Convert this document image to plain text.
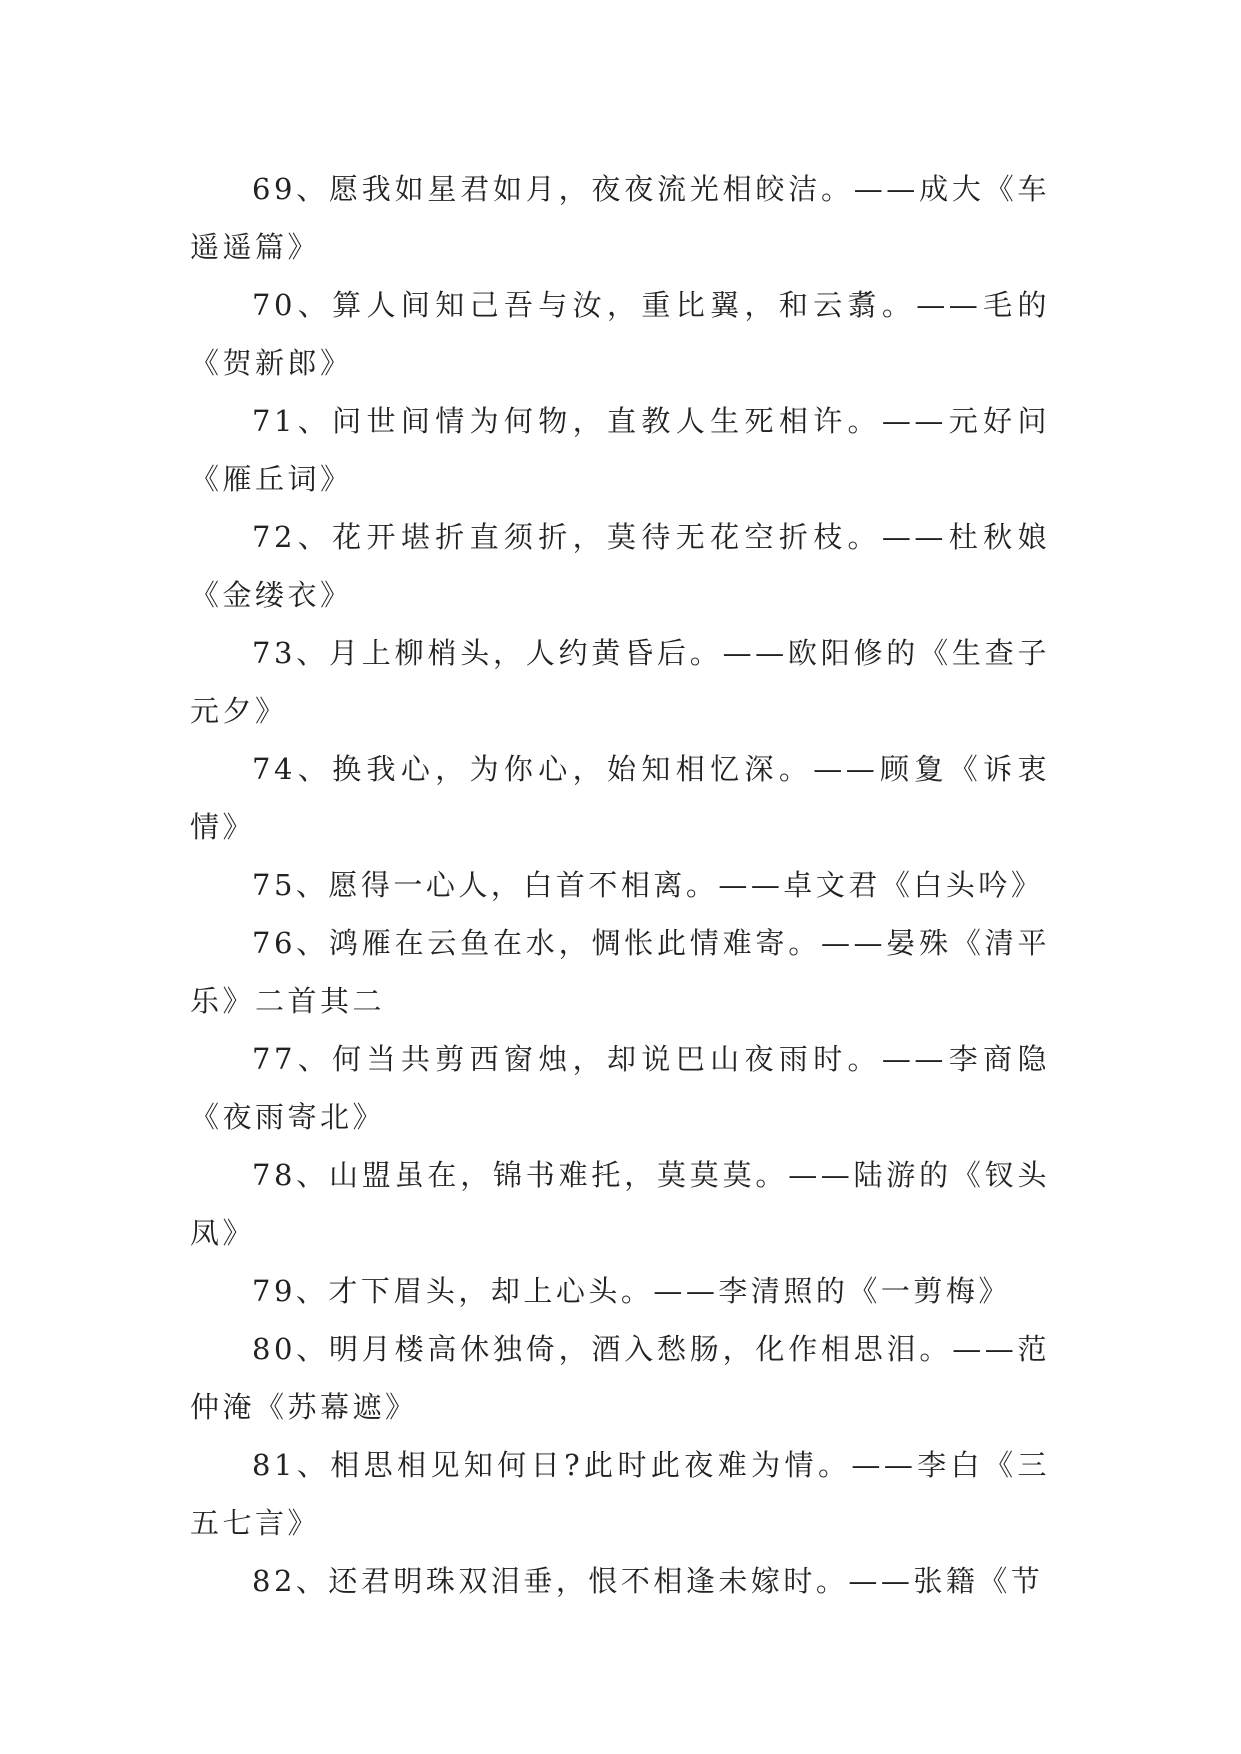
69、愿我如星君如月，夜夜流光相皎洁。——成大《车遥遥篇》

70、算人间知己吾与汝，重比翼，和云翥。——毛的《贺新郎》

71、问世间情为何物，直教人生死相许。——元好问《雁丘词》

72、花开堪折直须折，莫待无花空折枝。——杜秋娘《金缕衣》

73、月上柳梢头，人约黄昏后。——欧阳修的《生查子元夕》

74、换我心，为你心，始知相忆深。——顾夐《诉衷情》

75、愿得一心人，白首不相离。——卓文君《白头吟》

76、鸿雁在云鱼在水，惆怅此情难寄。——晏殊《清平乐》二首其二

77、何当共剪西窗烛，却说巴山夜雨时。——李商隐《夜雨寄北》

78、山盟虽在，锦书难托，莫莫莫。——陆游的《钗头凤》

79、才下眉头，却上心头。——李清照的《一剪梅》

80、明月楼高休独倚，酒入愁肠，化作相思泪。——范仲淹《苏幕遮》

81、相思相见知何日?此时此夜难为情。——李白《三五七言》

82、还君明珠双泪垂，恨不相逢未嫁时。——张籍《节
